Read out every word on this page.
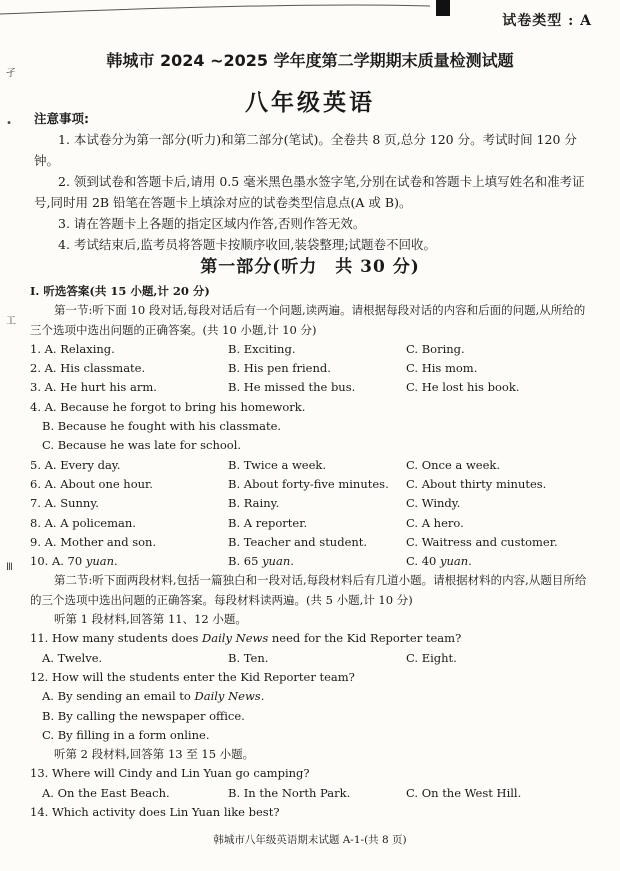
试卷类型 : A
孑
•
工
Ⅲ
韩城市 2024 ~2025 学年度第二学期期末质量检测试题
八年级英语
注意事项:

1. 本试卷分为第一部分(听力)和第二部分(笔试)。全卷共 8 页,总分 120 分。考试时间 120 分钟。

2. 领到试卷和答题卡后,请用 0.5 毫米黑色墨水签字笔,分别在试卷和答题卡上填写姓名和准考证号,同时用 2B 铅笔在答题卡上填涂对应的试卷类型信息点(A 或 B)。

3. 请在答题卡上各题的指定区域内作答,否则作答无效。

4. 考试结束后,监考员将答题卡按顺序收回,装袋整理;试题卷不回收。

第一部分(听力　共 30 分)
Ⅰ. 听选答案(共 15 小题,计 20 分)

第一节:听下面 10 段对话,每段对话后有一个问题,读两遍。请根据每段对话的内容和后面的问题,从所给的三个选项中选出问题的正确答案。(共 10 小题,计 10 分)

1. A. Relaxing.	B. Exciting.	C. Boring.
2. A. His classmate.	B. His pen friend.	C. His mom.
3. A. He hurt his arm.	B. He missed the bus.	C. He lost his book.
4. A. Because he forgot to bring his homework.
B. Because he fought with his classmate.
C. Because he was late for school.
5. A. Every day.	B. Twice a week.	C. Once a week.
6. A. About one hour.	B. About forty-five minutes. C. About thirty minutes.
7. A. Sunny.	B. Rainy.	C. Windy.
8. A. A policeman.	B. A reporter.	C. A hero.
9. A. Mother and son.	B. Teacher and student.	C. Waitress and customer.
10. A. 70 yuan.	B. 65 yuan.	C. 40 yuan.

第二节:听下面两段材料,包括一篇独白和一段对话,每段材料后有几道小题。请根据材料的内容,从题目所给的三个选项中选出问题的正确答案。每段材料读两遍。(共 5 小题,计 10 分)

听第 1 段材料,回答第 11、12 小题。
11. How many students does Daily News need for the Kid Reporter team?
A. Twelve.	B. Ten.	C. Eight.
12. How will the students enter the Kid Reporter team?
A. By sending an email to Daily News.
B. By calling the newspaper office.
C. By filling in a form online.
听第 2 段材料,回答第 13 至 15 小题。
13. Where will Cindy and Lin Yuan go camping?
A. On the East Beach.	B. In the North Park.	C. On the West Hill.
14. Which activity does Lin Yuan like best?
韩城市八年级英语期末试题 A-1-(共 8 页)
